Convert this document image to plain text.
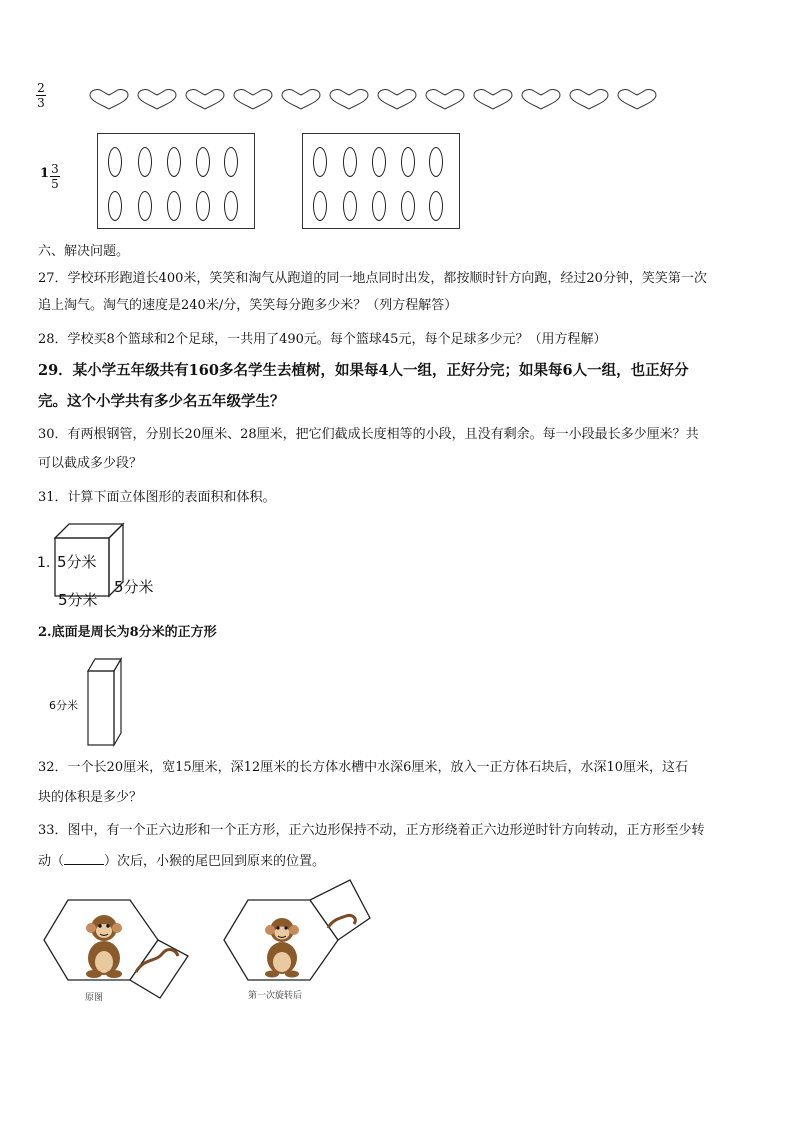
2
3
1 3
5
六、解决问题。
27．学校环形跑道长400米，笑笑和淘气从跑道的同一地点同时出发，都按顺时针方向跑，经过20分钟，笑笑第一次
追上淘气。淘气的速度是240米/分，笑笑每分跑多少米？（列方程解答）
28．学校买8个篮球和2个足球，一共用了490元。每个篮球45元，每个足球多少元？（用方程解）
29．某小学五年级共有160多名学生去植树，如果每4人一组，正好分完；如果每6人一组，也正好分
完。这个小学共有多少名五年级学生？
30．有两根钢管，分别长20厘米、28厘米，把它们截成长度相等的小段，且没有剩余。每一小段最长多少厘米？共
可以截成多少段？
31．计算下面立体图形的表面积和体积。
1. 5分米
5分米
5分米
2.底面是周长为8分米的正方形
6分米
32．一个长20厘米，宽15厘米，深12厘米的长方体水槽中水深6厘米，放入一正方体石块后，水深10厘米，这石
块的体积是多少？
33．图中，有一个正六边形和一个正方形，正六边形保持不动，正方形绕着正六边形逆时针方向转动，正方形至少转
动（	）次后，小猴的尾巴回到原来的位置。
原图	第一次旋转后
